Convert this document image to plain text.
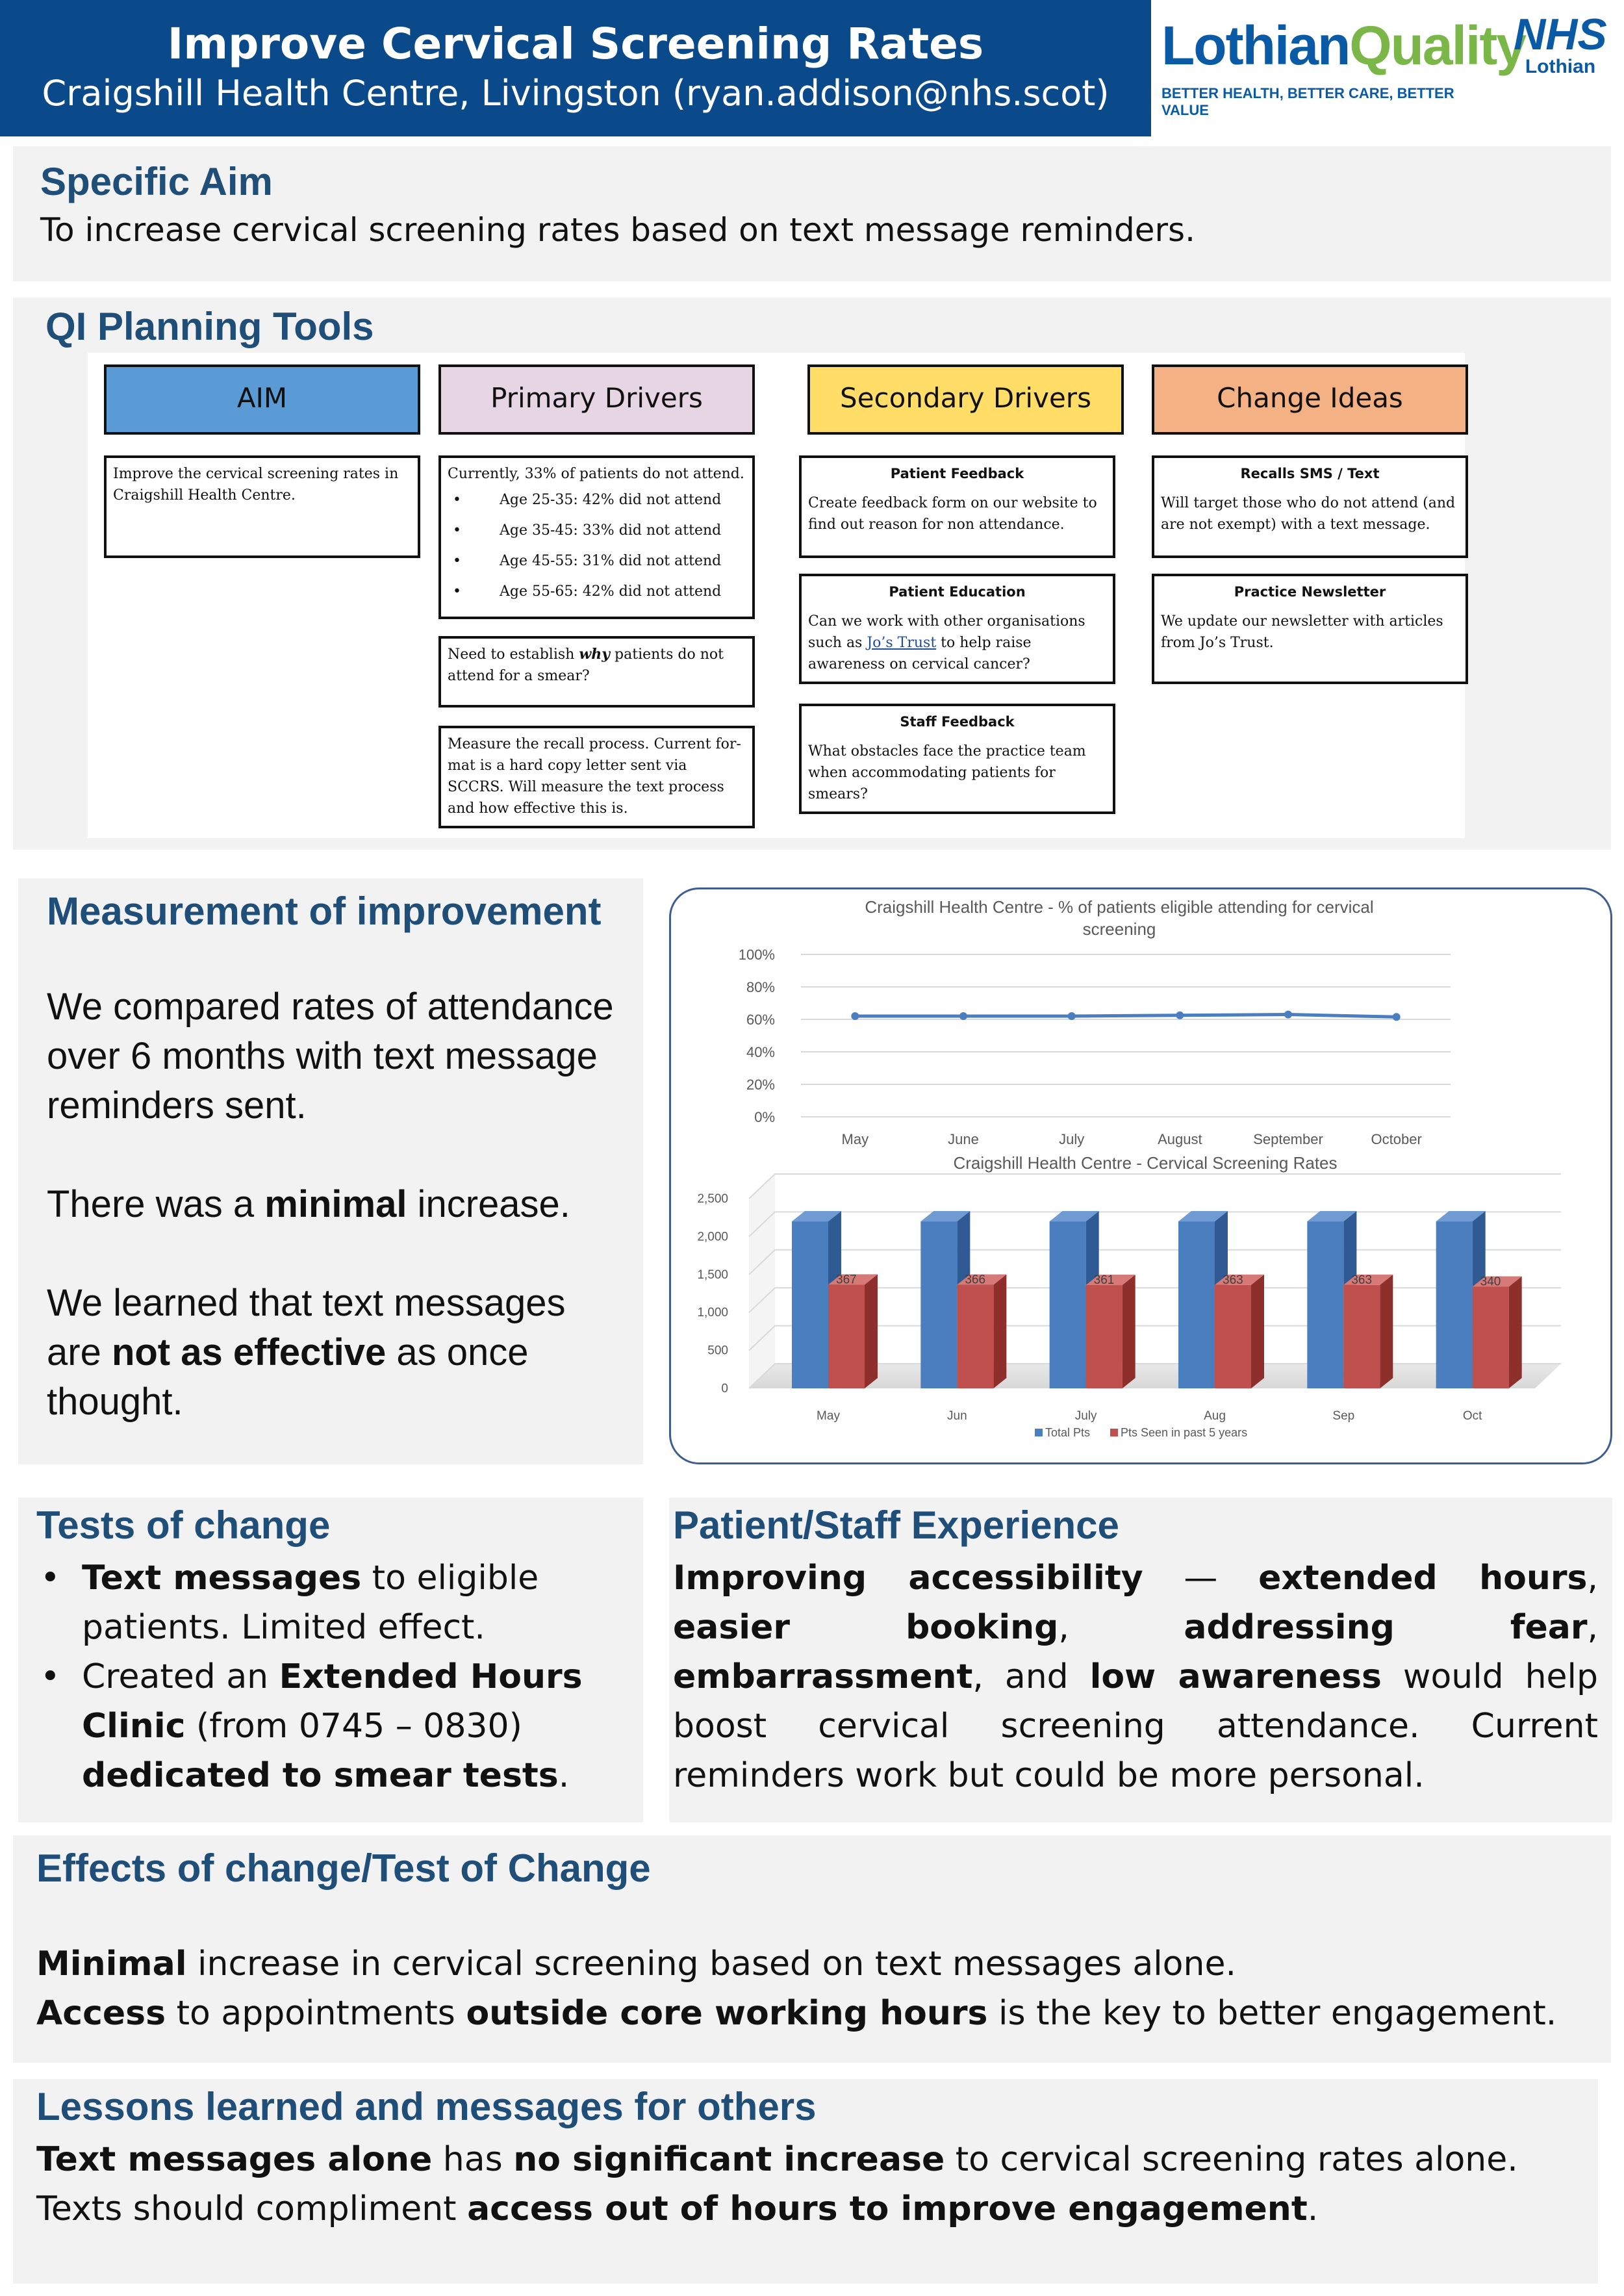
Improve Cervical Screening Rates
Craigshill Health Centre, Livingston (ryan.addison@nhs.scot)
LothianQuality
BETTER HEALTH, BETTER CARE, BETTER VALUE
NHS
Lothian
Specific Aim
To increase cervical screening rates based on text message reminders.
QI Planning Tools
AIM	Primary Drivers	Secondary Drivers	Change Ideas
Improve the cervical screening rates in Craigshill Health Centre.
Currently, 33% of patients do not attend.
• Age 25-35: 42% did not attend
• Age 35-45: 33% did not attend
• Age 45-55: 31% did not attend
• Age 55-65: 42% did not attend
Need to establish why patients do not attend for a smear?
Measure the recall process. Current for-mat is a hard copy letter sent via SCCRS. Will measure the text process and how effective this is.
Patient Feedback
Create feedback form on our website to find out reason for non attendance.
Patient Education
Can we work with other organisations such as Jo’s Trust to help raise awareness on cervical cancer?
Staff Feedback
What obstacles face the practice team when accommodating patients for smears?
Recalls SMS / Text
Will target those who do not attend (and are not exempt) with a text message.
Practice Newsletter
We update our newsletter with articles from Jo’s Trust.
Measurement of improvement
We compared rates of attendance over 6 months with text message reminders sent.
There was a minimal increase.
We learned that text messages are not as effective as once thought.
Craigshill Health Centre - % of patients eligible attending for cervical
screening
0%
20%
40%
60%
80%
100%
May	June	July	August	September	October
Craigshill Health Centre - Cervical Screening Rates
0
500
1,000
1,500
2,000
2,500
367	366	361	363	363	340
May	Jun	July	Aug	Sep	Oct
Total Pts	Pts Seen in past 5 years
Tests of change
• Text messages to eligible patients. Limited effect.
• Created an Extended Hours Clinic (from 0745 – 0830) dedicated to smear tests.
Patient/Staff Experience
Improving accessibility — extended hours, easier booking, addressing fear, embarrassment, and low awareness would help boost cervical screening attendance. Current reminders work but could be more personal.
Effects of change/Test of Change
Minimal increase in cervical screening based on text messages alone.
Access to appointments outside core working hours is the key to better engagement.
Lessons learned and messages for others
Text messages alone has no significant increase to cervical screening rates alone. Texts should compliment access out of hours to improve engagement.
